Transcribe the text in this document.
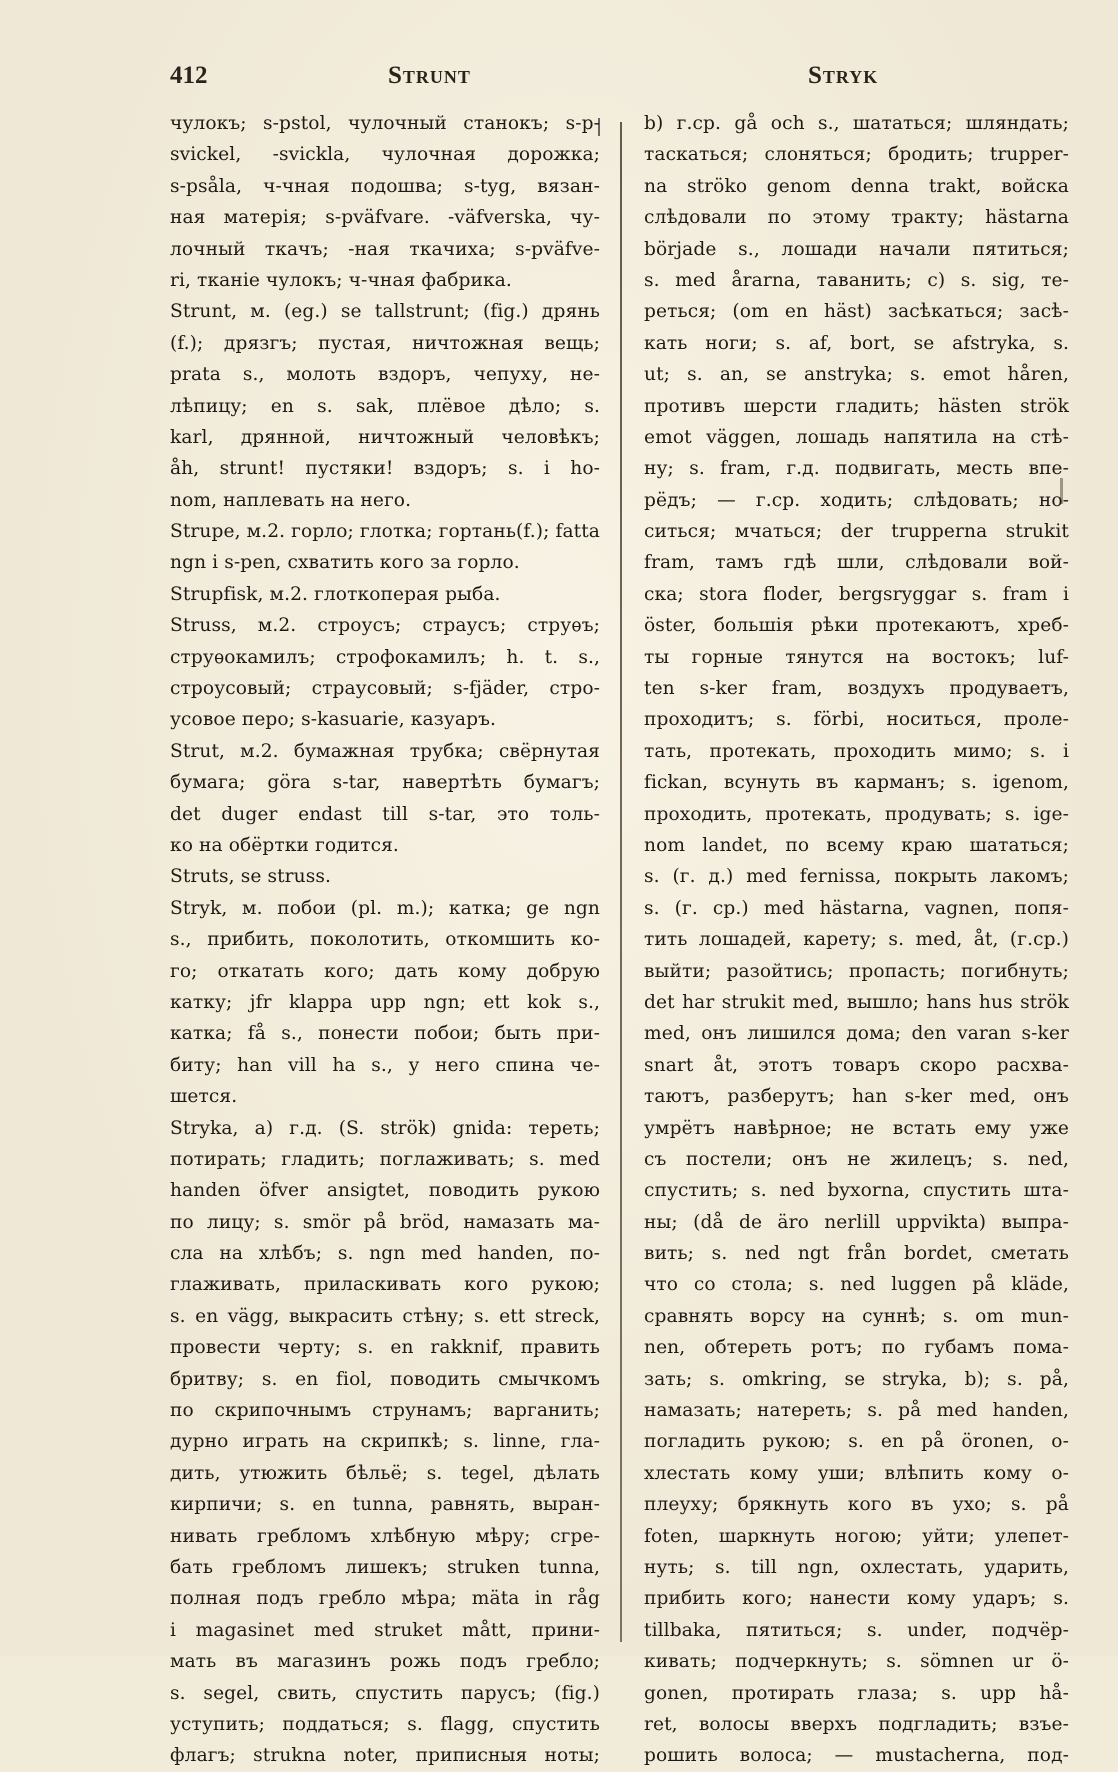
412	Strunt	Stryk
чулокъ; s-pstol, чулочный станокъ; s-p-
svickel, -svickla, чулочная дорожка;
s-psåla, ч-чная подошва; s-tyg, вязан-
ная матерія; s-pväfvare. -väfverska, чу-
лочный ткачъ; -ная ткачиха; s-pväfve-
ri, тканіе чулокъ; ч-чная фабрика.
Strunt, м. (eg.) se tallstrunt; (fig.) дрянь
(f.); дрязгъ; пустая, ничтожная вещь;
prata s., молоть вздоръ, чепуху, не-
лѣпицу; en s. sak, плёвое дѣло; s.
karl, дрянной, ничтожный человѣкъ;
åh, strunt! пустяки! вздоръ; s. i ho-
nom, наплевать на него.
Strupe, м.2. горло; глотка; гортань(f.); fatta
ngn i s-pen, схватить кого за горло.
Strupfisk, м.2. глоткоперая рыба.
Struss, м.2. строусъ; страусъ; струѳъ;
струѳокамилъ; строфокамилъ; h. t. s.,
строусовый; страусовый; s-fjäder, стро-
усовое перо; s-kasuarie, казуаръ.
Strut, м.2. бумажная трубка; свёрнутая
бумага; göra s-tar, навертѣть бумагъ;
det duger endast till s-tar, это толь-
ко на обёртки годится.
Struts, se struss.
Stryk, м. побои (pl. m.); катка; ge ngn
s., прибить, поколотить, откомшить ко-
го; откатать кого; дать кому добрую
катку; jfr klappa upp ngn; ett kok s.,
катка; få s., понести побои; быть при-
биту; han vill ha s., у него спина че-
шется.
Stryka, а) г.д. (S. strök) gnida: тереть;
потирать; гладить; поглаживать; s. med
handen öfver ansigtet, поводить рукою
по лицу; s. smör på bröd, намазать ма-
сла на хлѣбъ; s. ngn med handen, по-
глаживать, приласкивать кого рукою;
s. en vägg, выкрасить стѣну; s. ett streck,
провести черту; s. en rakknif, править
бритву; s. en fiol, поводить смычкомъ
по скрипочнымъ струнамъ; варганить;
дурно играть на скрипкѣ; s. linne, гла-
дить, утюжить бѣльё; s. tegel, дѣлать
кирпичи; s. en tunna, равнять, выран-
нивать гребломъ хлѣбную мѣру; сгре-
бать гребломъ лишекъ; struken tunna,
полная подъ гребло мѣра; mäta in råg
i magasinet med struket mått, прини-
мать въ магазинъ рожь подъ гребло;
s. segel, свить, спустить парусъ; (fig.)
уступить; поддаться; s. flagg, спустить
флагъ; strukna noter, приписныя ноты;
b) г.ср. gå och s., шататься; шляндать;
таскаться; слоняться; бродить; trupper-
na ströko genom denna trakt, войска
слѣдовали по этому тракту; hästarna
började s., лошади начали пятиться;
s. med årarna, таванить; с) s. sig, те-
реться; (om en häst) засѣкаться; засѣ-
кать ноги; s. af, bort, se afstryka, s.
ut; s. an, se anstryka; s. emot håren,
противъ шерсти гладить; hästen strök
emot väggen, лошадь напятила на стѣ-
ну; s. fram, г.д. подвигать, месть впе-
рёдъ; — г.ср. ходить; слѣдовать; но-
ситься; мчаться; der trupperna strukit
fram, тамъ гдѣ шли, слѣдовали вой-
ска; stora floder, bergsryggar s. fram i
öster, большія рѣки протекаютъ, хреб-
ты горные тянутся на востокъ; luf-
ten s-ker fram, воздухъ продуваетъ,
проходитъ; s. förbi, носиться, проле-
тать, протекать, проходить мимо; s. i
fickan, всунуть въ карманъ; s. igenom,
проходить, протекать, продувать; s. ige-
nom landet, по всему краю шататься;
s. (г. д.) med fernissa, покрыть лакомъ;
s. (г. ср.) med hästarna, vagnen, попя-
тить лошадей, карету; s. med, åt, (г.ср.)
выйти; разойтись; пропасть; погибнуть;
det har strukit med, вышло; hans hus strök
med, онъ лишился дома; den varan s-ker
snart åt, этотъ товаръ скоро расхва-
таютъ, разберутъ; han s-ker med, онъ
умрётъ навѣрное; не встать ему уже
съ постели; онъ не жилецъ; s. ned,
спустить; s. ned byxorna, спустить шта-
ны; (då de äro nerlill uppvikta) выпра-
вить; s. ned ngt från bordet, сметать
что со стола; s. ned luggen på kläde,
сравнять ворсу на суннѣ; s. om mun-
nen, обтереть ротъ; по губамъ пома-
зать; s. omkring, se stryka, b); s. på,
намазать; натереть; s. på med handen,
погладить рукою; s. en på öronen, о-
хлестать кому уши; влѣпить кому о-
плеуху; брякнуть кого въ ухо; s. på
foten, шаркнуть ногою; уйти; улепет-
нуть; s. till ngn, охлестать, ударить,
прибить кого; нанести кому ударъ; s.
tillbaka, пятиться; s. under, подчёр-
кивать; подчеркнуть; s. sömnen ur ö-
gonen, протирать глаза; s. upp hå-
ret, волосы вверхъ подгладить; взъе-
рошить волоса; — mustacherna, под-
